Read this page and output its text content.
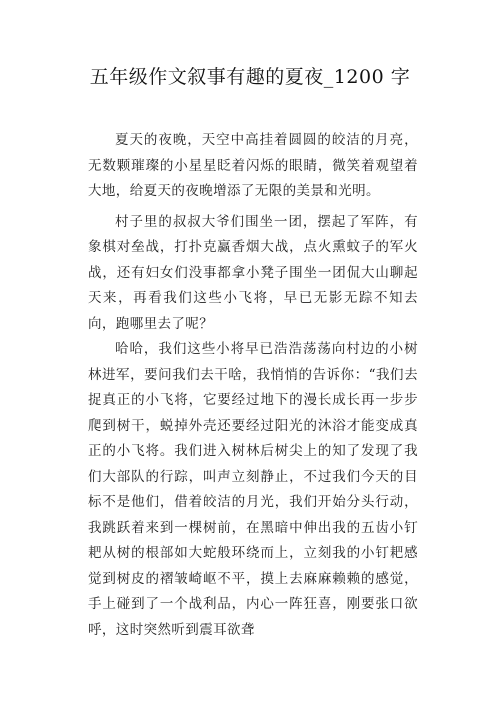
五年级作文叙事有趣的夏夜_1200 字

夏天的夜晚，天空中高挂着圆圆的皎洁的月亮，无数颗璀璨的小星星眨着闪烁的眼睛，微笑着观望着大地，给夏天的夜晚增添了无限的美景和光明。

村子里的叔叔大爷们围坐一团，摆起了军阵，有象棋对垒战，打扑克赢香烟大战，点火熏蚊子的军火战，还有妇女们没事都拿小凳子围坐一团侃大山聊起天来，再看我们这些小飞将，早已无影无踪不知去向，跑哪里去了呢？

哈哈，我们这些小将早已浩浩荡荡向村边的小树林进军，要问我们去干啥，我悄悄的告诉你：“我们去捉真正的小飞将，它要经过地下的漫长成长再一步步爬到树干，蜕掉外壳还要经过阳光的沐浴才能变成真正的小飞将。我们进入树林后树尖上的知了发现了我们大部队的行踪，叫声立刻静止，不过我们今天的目标不是他们，借着皎洁的月光，我们开始分头行动，我跳跃着来到一棵树前，在黑暗中伸出我的五齿小钉耙从树的根部如大蛇般环绕而上，立刻我的小钉耙感觉到树皮的褶皱崎岖不平，摸上去麻麻赖赖的感觉，手上碰到了一个战利品，内心一阵狂喜，刚要张口欲呼，这时突然听到震耳欲聋
